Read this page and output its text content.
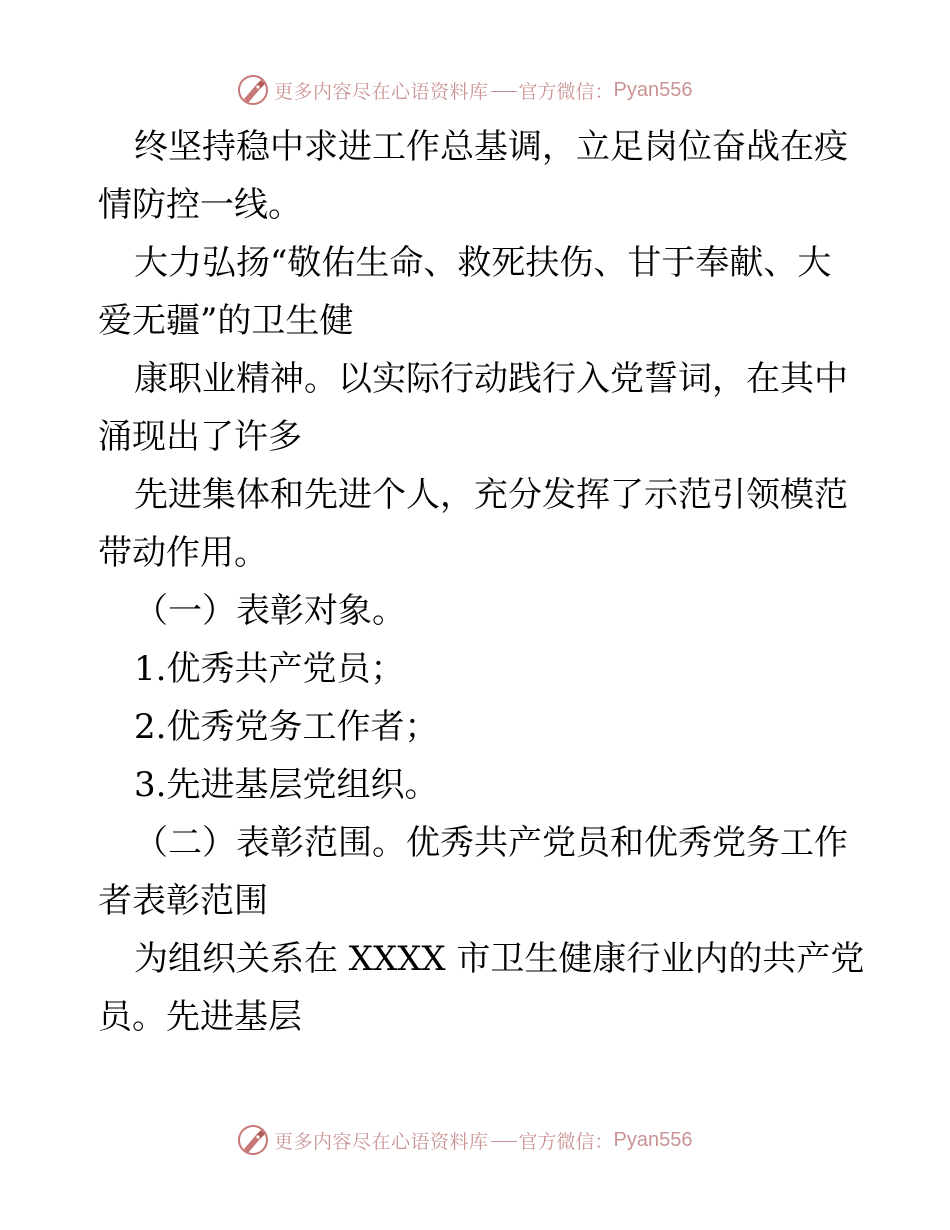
更多内容尽在心语资料库 官方微信： Pyan556
终坚持稳中求进工作总基调，立足岗位奋战在疫
情防控一线。
大力弘扬“敬佑生命、救死扶伤、甘于奉献、大
爱无疆”的卫生健
康职业精神。以实际行动践行入党誓词，在其中
涌现出了许多
先进集体和先进个人，充分发挥了示范引领模范
带动作用。
（一）表彰对象。
1.优秀共产党员；
2.优秀党务工作者；
3.先进基层党组织。
（二）表彰范围。优秀共产党员和优秀党务工作
者表彰范围
为组织关系在 XXXX 市卫生健康行业内的共产党
员。先进基层
更多内容尽在心语资料库 官方微信： Pyan556
